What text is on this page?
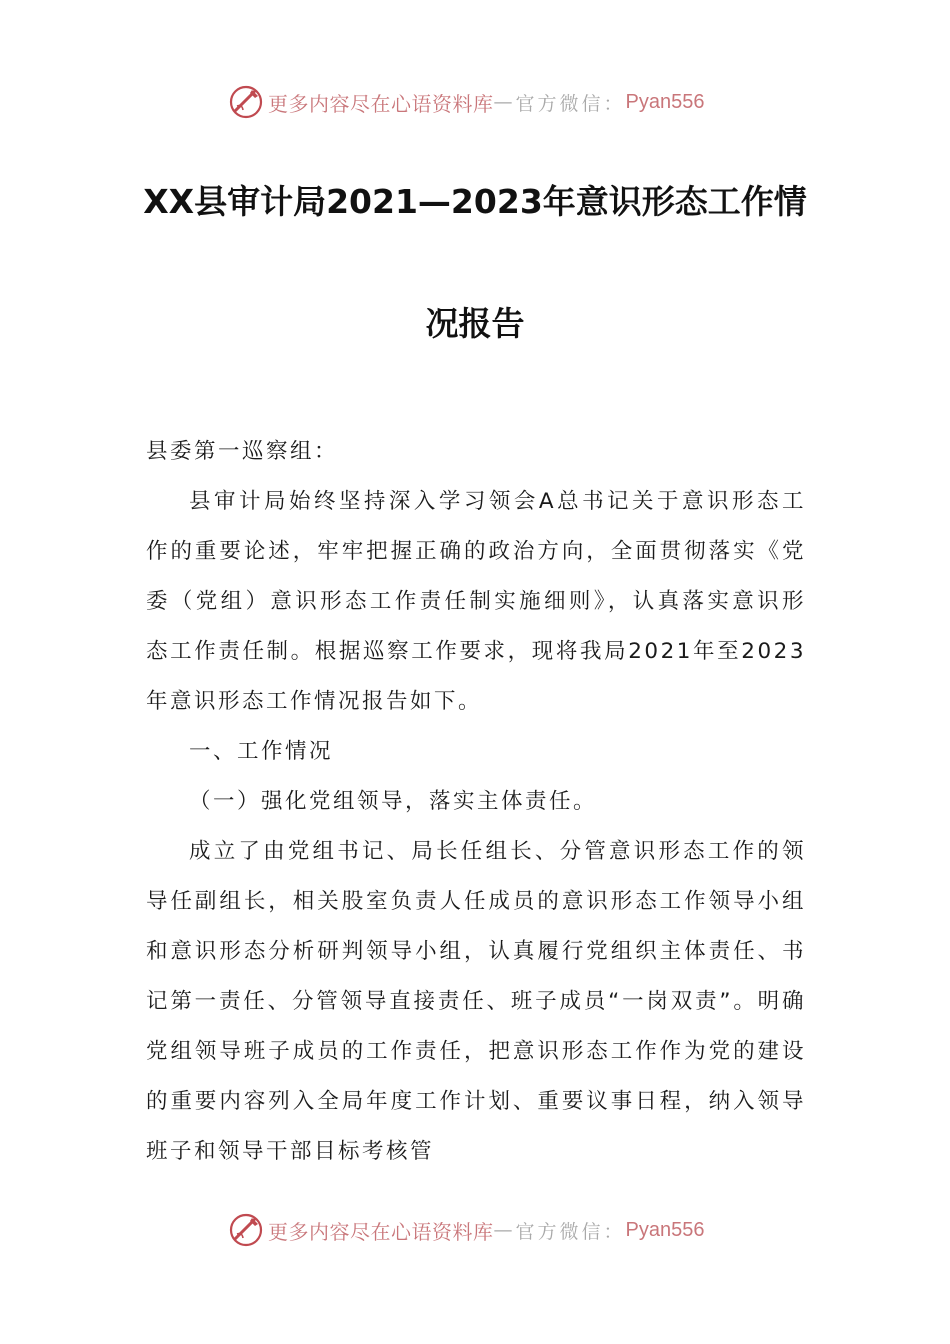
更多内容尽在心语资料库 — 官方微信： Pyan556
XX县审计局2021—2023年意识形态工作情
况报告

县委第一巡察组：

县审计局始终坚持深入学习领会A总书记关于意识形态工作的重要论述，牢牢把握正确的政治方向，全面贯彻落实《党委（党组）意识形态工作责任制实施细则》，认真落实意识形态工作责任制。根据巡察工作要求，现将我局2021年至2023年意识形态工作情况报告如下。

一、工作情况

（一）强化党组领导，落实主体责任。

成立了由党组书记、局长任组长、分管意识形态工作的领导任副组长，相关股室负责人任成员的意识形态工作领导小组和意识形态分析研判领导小组，认真履行党组织主体责任、书记第一责任、分管领导直接责任、班子成员“一岗双责”。明确党组领导班子成员的工作责任，把意识形态工作作为党的建设的重要内容列入全局年度工作计划、重要议事日程，纳入领导班子和领导干部目标考核管

更多内容尽在心语资料库 — 官方微信： Pyan556
